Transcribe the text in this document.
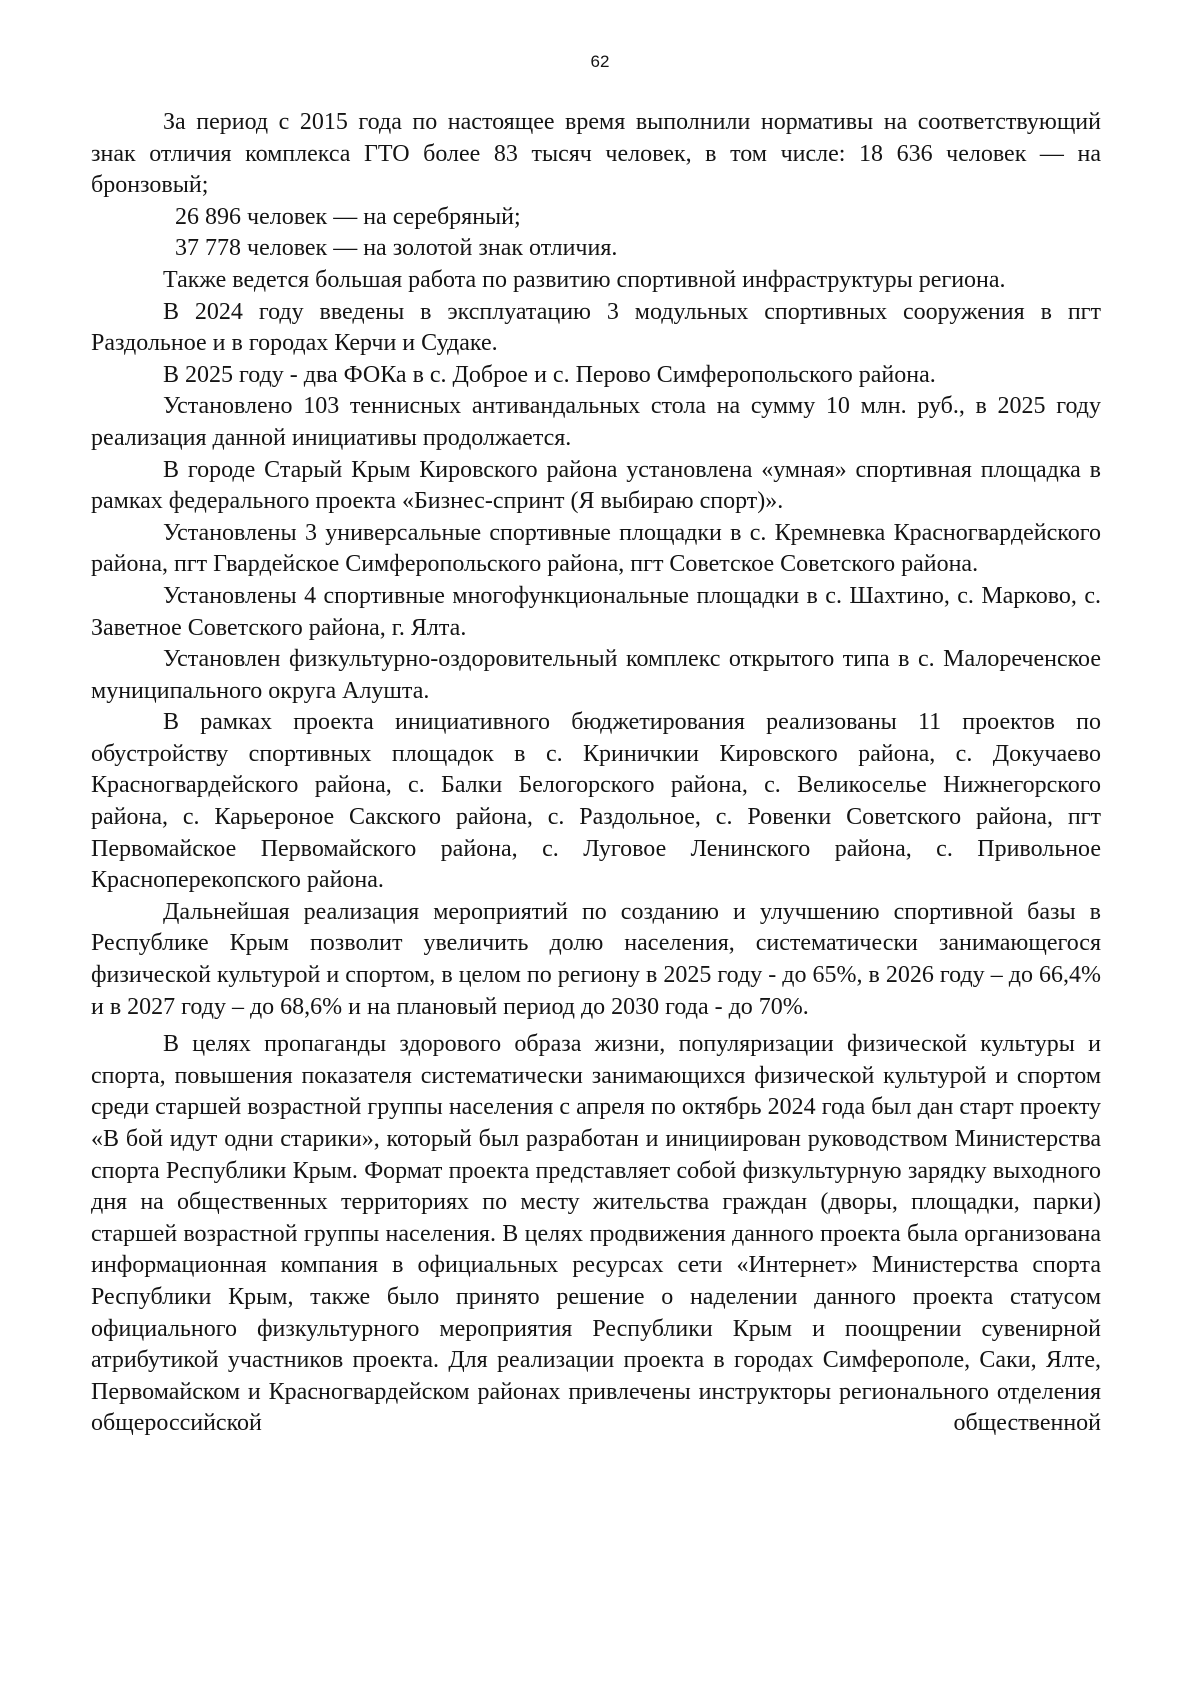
62

За период с 2015 года по настоящее время выполнили нормативы на соответствующий знак отличия комплекса ГТО более 83 тысяч человек, в том числе: 18 636 человек — на бронзовый;

26 896 человек — на серебряный;

37 778 человек — на золотой знак отличия.

Также ведется большая работа по развитию спортивной инфраструктуры региона.

В 2024 году введены в эксплуатацию 3 модульных спортивных сооружения в пгт Раздольное и в городах Керчи и Судаке.

В 2025 году - два ФОКа в с. Доброе и с. Перово Симферопольского района.

Установлено 103 теннисных антивандальных стола на сумму 10 млн. руб., в 2025 году реализация данной инициативы продолжается.

В городе Старый Крым Кировского района установлена «умная» спортивная площадка в рамках федерального проекта «Бизнес-спринт (Я выбираю спорт)».

Установлены 3 универсальные спортивные площадки в с. Кремневка Красногвардейского района, пгт Гвардейское Симферопольского района, пгт Советское Советского района.

Установлены 4 спортивные многофункциональные площадки в с. Шахтино, с. Марково, с. Заветное Советского района, г. Ялта.

Установлен физкультурно-оздоровительный комплекс открытого типа в с. Малореченское муниципального округа Алушта.

В рамках проекта инициативного бюджетирования реализованы 11 проектов по обустройству спортивных площадок в с. Криничкии Кировского района, с. Докучаево Красногвардейского района, с. Балки Белогорского района, с. Великоселье Нижнегорского района, с. Карьероное Сакского района, с. Раздольное, с. Ровенки Советского района, пгт Первомайское Первомайского района, с. Луговое Ленинского района, с. Привольное Красноперекопского района.

Дальнейшая реализация мероприятий по созданию и улучшению спортивной базы в Республике Крым позволит увеличить долю населения, систематически занимающегося физической культурой и спортом, в целом по региону в 2025 году - до 65%, в 2026 году – до 66,4% и в 2027 году – до 68,6% и на плановый период до 2030 года - до 70%.

В целях пропаганды здорового образа жизни, популяризации физической культуры и спорта, повышения показателя систематически занимающихся физической культурой и спортом среди старшей возрастной группы населения с апреля по октябрь 2024 года был дан старт проекту «В бой идут одни старики», который был разработан и инициирован руководством Министерства спорта Республики Крым. Формат проекта представляет собой физкультурную зарядку выходного дня на общественных территориях по месту жительства граждан (дворы, площадки, парки) старшей возрастной группы населения. В целях продвижения данного проекта была организована информационная компания в официальных ресурсах сети «Интернет» Министерства спорта Республики Крым, также было принято решение о наделении данного проекта статусом официального физкультурного мероприятия Республики Крым и поощрении сувенирной атрибутикой участников проекта. Для реализации проекта в городах Симферополе, Саки, Ялте, Первомайском и Красногвардейском районах привлечены инструкторы регионального отделения общероссийской общественной
